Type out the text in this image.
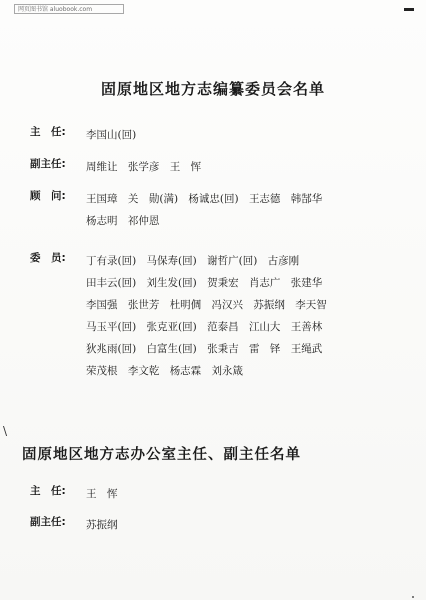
网页图书馆 aluobook.com
固原地区地方志编纂委员会名单
主　任:	李国山(回)
副主任:	周维让 张学彦 王　恽
顾　问:	王国璋 关　勋(满) 杨诚忠(回) 王志德 韩郜华
杨志明 祁仲恩
委　员:	丁有录(回) 马保寿(回) 谢哲广(回) 古彦刚
田丰云(回) 刘生发(回) 贺秉宏 肖志广 张建华
李国强 张世芳 杜明倜 冯汉兴 苏振纲 李天智
马玉平(回) 张克亚(回) 范泰昌 江山大 王善林
狄兆雨(回) 白富生(回) 张秉吉 雷　铎 王绳武
荣茂根 李文乾 杨志霖 刘永箴
\
固原地区地方志办公室主任、副主任名单
主　任:	王　恽
副主任:	苏振纲
